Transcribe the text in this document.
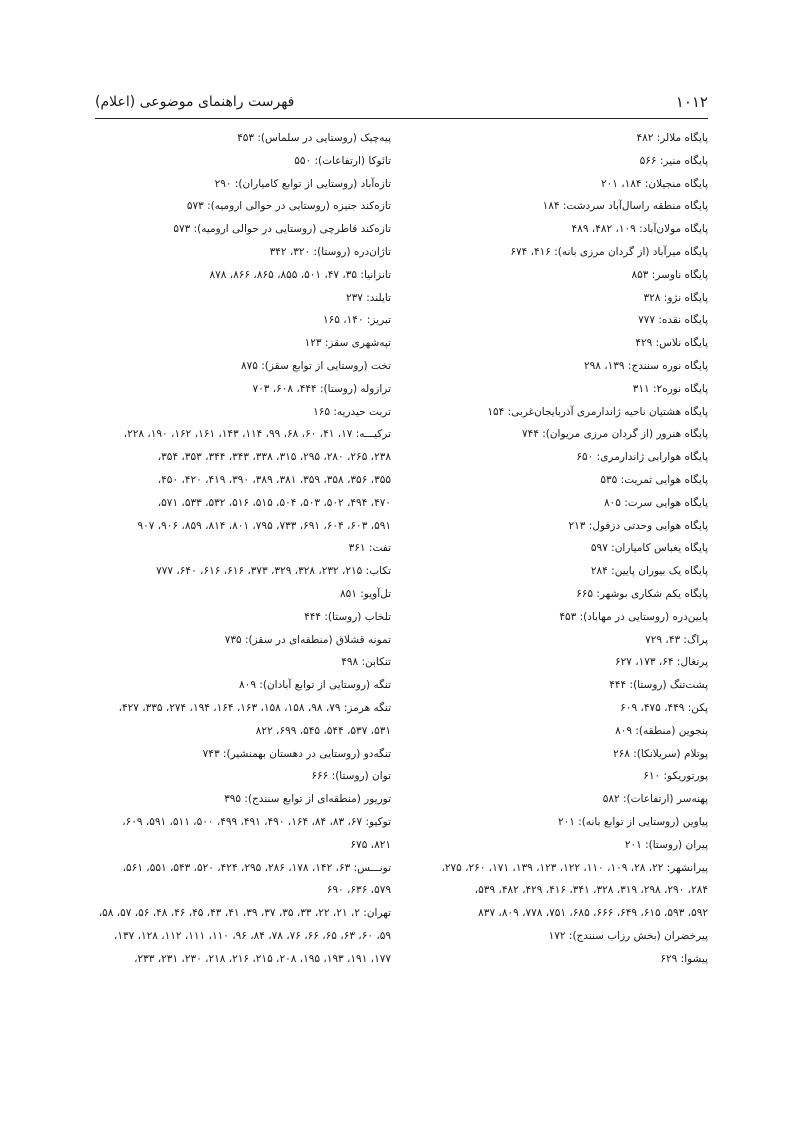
۱۰۱۲
فهرست راهنمای موضوعی (اعلام)
پایگاه ملالر: ۴۸۲
پایگاه منیر: ۵۶۶
پایگاه منجیلان: ۱۸۴، ۲۰۱
پایگاه منطقه راسال‌آباد سردشت: ۱۸۴
پایگاه مولان‌آباد: ۱۰۹، ۴۸۲، ۴۸۹
پایگاه میرآباد (از گردان مرزی بانه): ۴۱۶، ۶۷۴
پایگاه ناوسر: ۸۵۳
پایگاه نژو: ۳۲۸
پایگاه نقده: ۷۷۷
پایگاه نلاس: ۴۲۹
پایگاه نوره سنندج: ۱۳۹، ۲۹۸
پایگاه نوره۲: ۳۱۱
پایگاه هشتیان ناحیه ژاندارمری آذربایجان‌غربی: ۱۵۴
پایگاه هنرور (از گردان مرزی مریوان): ۷۴۴
پایگاه هوارابی ژاندارمری: ۶۵۰
پایگاه هوایی ثمریت: ۵۳۵
پایگاه هوایی سرت: ۸۰۵
پایگاه هوایی وحدتی دزفول: ۲۱۳
پایگاه یغباس کامیاران: ۵۹۷
پایگاه یک بیوران پایین: ۲۸۴
پایگاه یکم شکاری بوشهر: ۶۶۵
پایین‌دره (روستایی در مهاباد): ۴۵۳
پراگ: ۴۳، ۷۲۹
پرتغال: ۶۴، ۱۷۳، ۶۲۷
پشت‌تنگ (روستا): ۴۴۴
پکن: ۴۴۹، ۴۷۵، ۶۰۹
پنجوین (منطقه): ۸۰۹
پوتلام (سریلانکا): ۲۶۸
پورتوریکو: ۶۱۰
پهنه‌سر (ارتفاعات): ۵۸۲
پیاوین (روستایی از توابع بانه): ۲۰۱
پیران (روستا): ۲۰۱
پیرانشهر: ۲۲، ۲۸، ۱۰۹، ۱۱۰، ۱۲۲، ۱۲۳، ۱۳۹، ۱۷۱، ۲۶۰، ۲۷۵،
۲۸۴، ۲۹۰، ۲۹۸، ۳۱۹، ۳۲۸، ۳۴۱، ۴۱۶، ۴۲۹، ۴۸۲، ۵۳۹،
۵۹۲، ۵۹۳، ۶۱۵، ۶۴۹، ۶۶۶، ۶۸۵، ۷۵۱، ۷۷۸، ۸۰۹، ۸۳۷
پیرخضران (بخش رزاب سنندج): ۱۷۲
پیشوا: ۶۲۹
پیه‌چیک (روستایی در سلماس): ۴۵۳
تائوکا (ارتفاعات): ۵۵۰
تازه‌آباد (روستایی از توابع کامیاران): ۲۹۰
تازه‌کند جنیزه (روستایی در حوالی ارومیه): ۵۷۳
تازه‌کند قاطرچی (روستایی در حوالی ارومیه): ۵۷۳
تاژان‌دره (روستا): ۳۲۰، ۳۴۲
تانزانیا: ۳۵، ۴۷، ۵۰۱، ۸۵۵، ۸۶۵، ۸۶۶، ۸۷۸
تایلند: ۲۳۷
تبریز: ۱۴۰، ۱۶۵
تپه‌شهری سقز: ۱۲۳
تخت (روستایی از توابع سقز): ۸۷۵
ترازوله (روستا): ۴۴۴، ۶۰۸، ۷۰۳
تربت حیدریه: ۱۶۵
ترکیـــه: ۱۷، ۴۱، ۶۰، ۶۸، ۹۹، ۱۱۴، ۱۴۳، ۱۶۱، ۱۶۲، ۱۹۰، ۲۲۸،
۲۳۸، ۲۶۵، ۲۸۰، ۲۹۵، ۳۱۵، ۳۳۸، ۳۴۳، ۳۴۴، ۳۵۳، ۳۵۴،
۳۵۵، ۳۵۶، ۳۵۸، ۳۵۹، ۳۸۱، ۳۸۹، ۳۹۰، ۴۱۹، ۴۲۰، ۴۵۰،
۴۷۰، ۴۹۴، ۵۰۲، ۵۰۳، ۵۰۴، ۵۱۵، ۵۱۶، ۵۳۲، ۵۳۳، ۵۷۱،
۵۹۱، ۶۰۳، ۶۰۴، ۶۹۱، ۷۳۳، ۷۹۵، ۸۰۱، ۸۱۴، ۸۵۹، ۹۰۶، ۹۰۷
تفت: ۳۶۱
تکاب: ۲۱۵، ۲۳۲، ۳۲۸، ۳۲۹، ۳۷۳، ۶۱۶، ۶۱۶، ۶۴۰، ۷۷۷
تل‌آویو: ۸۵۱
تلخاب (روستا): ۴۴۴
تمونه قشلاق (منطقه‌ای در سقز): ۷۳۵
تنکابن: ۴۹۸
تنگه (روستایی از توابع آبادان): ۸۰۹
تنگه هرمز: ۷۹، ۹۸، ۱۵۸، ۱۵۸، ۱۶۳، ۱۶۴، ۱۹۴، ۲۷۴، ۳۳۵، ۴۲۷،
۵۳۱، ۵۳۷، ۵۴۴، ۵۴۵، ۶۹۹، ۸۲۲
تنگه‌دو (روستایی در دهستان بهمنشیر): ۷۴۳
توان (روستا): ۶۶۶
توریور (منطقه‌ای از توابع سنندج): ۳۹۵
توکیو: ۶۷، ۸۳، ۸۴، ۱۶۴، ۴۹۰، ۴۹۱، ۴۹۹، ۵۰۰، ۵۱۱، ۵۹۱، ۶۰۹،
۸۲۱، ۶۷۵
تونـــس: ۶۳، ۱۴۲، ۱۷۸، ۲۸۶، ۲۹۵، ۴۲۴، ۵۲۰، ۵۴۳، ۵۵۱، ۵۶۱،
۵۷۹، ۶۳۶، ۶۹۰
تهران: ۲، ۲۱، ۲۲، ۳۳، ۳۵، ۳۷، ۳۹، ۴۱، ۴۳، ۴۵، ۴۶، ۴۸، ۵۶، ۵۷، ۵۸،
۵۹، ۶۰، ۶۳، ۶۵، ۶۶، ۷۶، ۷۸، ۸۴، ۹۶، ۱۱۰، ۱۱۱، ۱۱۲، ۱۲۸، ۱۳۷،
۱۷۷، ۱۹۱، ۱۹۳، ۱۹۵، ۲۰۸، ۲۱۵، ۲۱۶، ۲۱۸، ۲۳۰، ۲۳۱، ۲۳۳،
